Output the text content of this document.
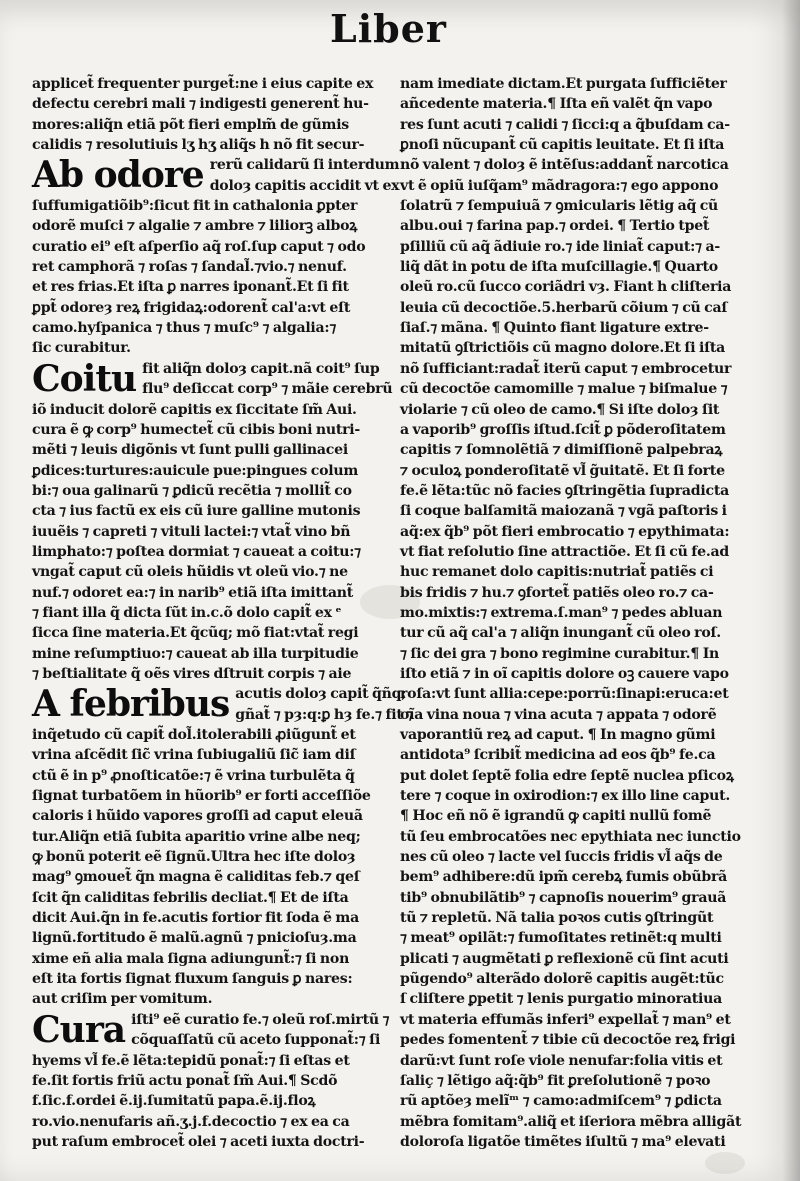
Liber
applicet̃ frequenter purget̃:ne i eius capite ex
defectu cerebri mali ⁊ indigesti generent̃ hu-
mores:aliq̃n etiã põt fieri emplm̃ de gũmis
calidis ⁊ resolutiuis lʒ hʒ aliq̃s h nõ fit secur-
Ab odore rerũ calidarũ ſi interdum
doloȝ capitis accidit vt ex
ſuffumigatiõib⁹:ſicut fit in cathalonia ꝑpter
odorẽ muſci ⁊ algalie ⁊ ambre ⁊ liliorꝫ alboꝝ
curatio ei⁹ eſt aſperſio aq̃ roſ.ſup caput ⁊ odo
ret camphorã ⁊ roſas ⁊ ſandal̃.⁊vio.⁊ nenuf.
et res frias.Et iſta ꝑ narres iponant̃.Et ſi fit
ꝑpt̃ odoreȝ reꝝ frigidaꝝ:odorent̃ cal'a:vt eſt
camo.hyſpanica ⁊ thus ⁊ muſc⁹ ⁊ algalia:⁊
ſic curabitur.
Coitu fit aliq̃n doloȝ capit.nã coit⁹ ſup
flu⁹ deſiccat corp⁹ ⁊ mãie cerebrũ
iõ inducit dolorẽ capitis ex ſiccitate ſm̃ Aui.
cura ẽ ꝙ corp⁹ humectet̃ cũ cibis boni nutri-
mẽti ⁊ leuis digõnis vt ſunt pulli gallinacei
ꝑdices:turtures:auicule pue:pingues colum
bi:⁊ oua galinarũ ⁊ ꝑdicũ recẽtia ⁊ mollit̃ co
cta ⁊ ius factũ ex eis cũ iure galline mutonis
iuuẽis ⁊ capreti ⁊ vituli lactei:⁊ vtat̃ vino bñ
limphato:⁊ poſtea dormiat ⁊ caueat a coitu:⁊
vngat̃ caput cũ oleis hũidis vt oleũ vio.⁊ ne
nuf.⁊ odoret ea:⁊ in narib⁹ etiã iſta imittant̃
⁊ fiant illa q̃ dicta ſũt in.c.õ dolo capit̃ ex ᵉ
ſicca ſine materia.Et q̃cũq; mõ fiat:vtat̃ regi
mine reſumptiuo:⁊ caueat ab illa turpitudie
⁊ beſtialitate q̃ oẽs vires dſtruit corpis ⁊ aie
A febribus acutis doloȝ capit̃ q̃ñq;
gñat̃ ⁊ pȝ:q:ꝑ hȝ fe.⁊ fit ⁊
inq̃etudo cũ capit̃ dol̃.itolerabili ꝓiũgunt̃ et
vrina aſcẽdit ſic̃ vrina ſubiugaliũ ſic̃ iam diſ
ctũ ẽ in p⁹ ꝓnoſticatõe:⁊ ẽ vrina turbulẽta q̃
ſignat turbatõem in hũorib⁹ er forti acceſſiõe
caloris i hũido vapores groſſi ad caput eleuã
tur.Aliq̃n etiã ſubita aparitio vrine albe neq;
ꝙ bonũ poterit eẽ ſignũ.Ultra hec iſte doloȝ
mag⁹ ꝯmouet̃ q̃n magna ẽ caliditas feb.⁊ qeſ
ſcit q̃n caliditas febrilis decliat.¶ Et de iſta
dicit Aui.q̃n in fe.acutis fortior fit ſoda ẽ ma
lignũ.fortitudo ẽ malũ.agnũ ⁊ pnicioſuȝ.ma
xime eñ alia mala ſigna adiungunt̃:⁊ ſi non
eſt ita fortis ſignat fluxum ſanguis ꝑ nares:
aut criſim per vomitum.
Cura iſti⁹ eẽ curatio fe.⁊ oleũ roſ.mirtũ ⁊
cõquaſſatũ cũ aceto ſupponat̃:⁊ ſi
hyems vl̃ fe.ẽ lẽta:tepidũ ponat̃:⁊ ſi eſtas et
fe.ſit fortis friũ actu ponat̃ ſm̃ Aui.¶ Scdõ
f.ſic.f.ordei ẽ.ij.ſumitatũ papa.ẽ.ij.floꝝ
ro.vio.nenufaris añ.ʒ.j.f.decoctio ⁊ ex ea ca
put raſum embrocet̃ olei ⁊ aceti iuxta doctri-
nam imediate dictam.Et purgata ſufficiẽter
añcedente materia.¶ Iſta eñ valẽt q̃n vapo
res ſunt acuti ⁊ calidi ⁊ ſicci:q a q̃buſdam ca-
ꝑnoſi nũcupant̃ cũ capitis leuitate. Et ſi iſta
nõ valent ⁊ doloȝ ẽ intẽſus:addant̃ narcotica
vt ẽ opiũ iuſq̃am⁹ mãdragora:⁊ ego appono
ſolatrũ ⁊ ſempuiuã ⁊ ꝯmicularis lẽtig aq̃ cũ
albu.oui ⁊ farina pap.⁊ ordei. ¶ Tertio tpet̃
pſilliũ cũ aq̃ ãdiuie ro.⁊ ide liniat̃ caput:⁊ a-
liq̃ dãt in potu de iſta muſcillagie.¶ Quarto
oleũ ro.cũ ſucco coriãdri vȝ. Fiant h cliſteria
leuia cũ decoctiõe.5.herbarũ cõium ⁊ cũ caſ
ſiaſ.⁊ mãna. ¶ Quinto fiant ligature extre-
mitatũ ꝯſtrictiõis cũ magno dolore.Et ſi iſta
nõ ſufficiant:radat̃ iterũ caput ⁊ embrocetur
cũ decoctõe camomille ⁊ malue ⁊ biſmalue ⁊
violarie ⁊ cũ oleo de camo.¶ Si iſte doloȝ ſit
a vaporib⁹ groſſis iſtud.ſcit̃ ꝑ põderoſitatem
capitis ⁊ ſomnolẽtiã ⁊ dimiſſionẽ palpebraꝝ
⁊ oculoꝝ ponderoſitatẽ vl̃ g̃uitatẽ. Et ſi forte
fe.ẽ lẽta:tũc nõ facies ꝯſtringẽtia ſupradicta
ſi coque balſamitã maiozanã ⁊ vgã paſtoris i
aq̃:ex q̃b⁹ põt fieri embrocatio ⁊ epythimata:
vt fiat reſolutio ſine attractiõe. Et ſi cũ fe.ad
huc remanet dolo capitis:nutriat̃ patiẽs ci
bis fridis ⁊ hu.⁊ ꝯfortet̃ patiẽs oleo ro.⁊ ca-
mo.mixtis:⁊ extrema.ſ.man⁹ ⁊ pedes abluan
tur cũ aq̃ cal'a ⁊ aliq̃n inungant̃ cũ oleo roſ.
⁊ ſic dei gra ⁊ bono regimine curabitur.¶ In
iſto etiã ⁊ in oĩ capitis dolore oꝫ cauere vapo
roſa:vt ſunt allia:cepe:porrũ:ſinapi:eruca:et
oĩa vina noua ⁊ vina acuta ⁊ appata ⁊ odorẽ
vaporantiũ reꝝ ad caput. ¶ In magno gũmi
antidota⁹ ſcribit̃ medicina ad eos q̃b⁹ fe.ca
put dolet ſeptẽ folia edre ſeptẽ nuclea pſicoꝝ
tere ⁊ coque in oxirodion:⁊ ex illo line caput.
¶ Hoc eñ nõ ẽ igrandũ ꝙ capiti nullũ fomẽ
tũ ſeu embrocatões nec epythiata nec iunctio
nes cũ oleo ⁊ lacte vel ſuccis fridis vl̃ aq̃s de
bem⁹ adhibere:dũ ipm̃ cerebꝝ fumis obũbrã
tib⁹ obnubilãtib⁹ ⁊ capnoſis nouerim⁹ grauã
tũ ⁊ repletũ. Nã talia poꝛos cutis ꝯſtringũt
⁊ meat⁹ opilãt:⁊ fumoſitates retinẽt:q multi
plicati ⁊ augmẽtati ꝑ reflexionẽ cũ ſint acuti
pũgendo⁹ alterãdo dolorẽ capitis augẽt:tũc
ſ cliſtere ꝑpetit ⁊ lenis purgatio minoratiua
vt materia effumãs inferi⁹ expellat̃ ⁊ man⁹ et
pedes fomentent̃ ⁊ tibie cũ decoctõe reꝝ frigi
darũ:vt ſunt roſe viole nenufar:folia vitis et
ſaliç ⁊ lẽtigo aq̃:q̃b⁹ fit ꝑreſolutionẽ ⁊ poꝛo
rũ aptõeȝ melı̃ᵐ ⁊ camo:admiſcem⁹ ⁊ ꝑdicta
mẽbra fomitam⁹.aliq̃ et iſeriora mẽbra alligãt
doloroſa ligatõe timẽtes iſultũ ⁊ ma⁹ elevati
